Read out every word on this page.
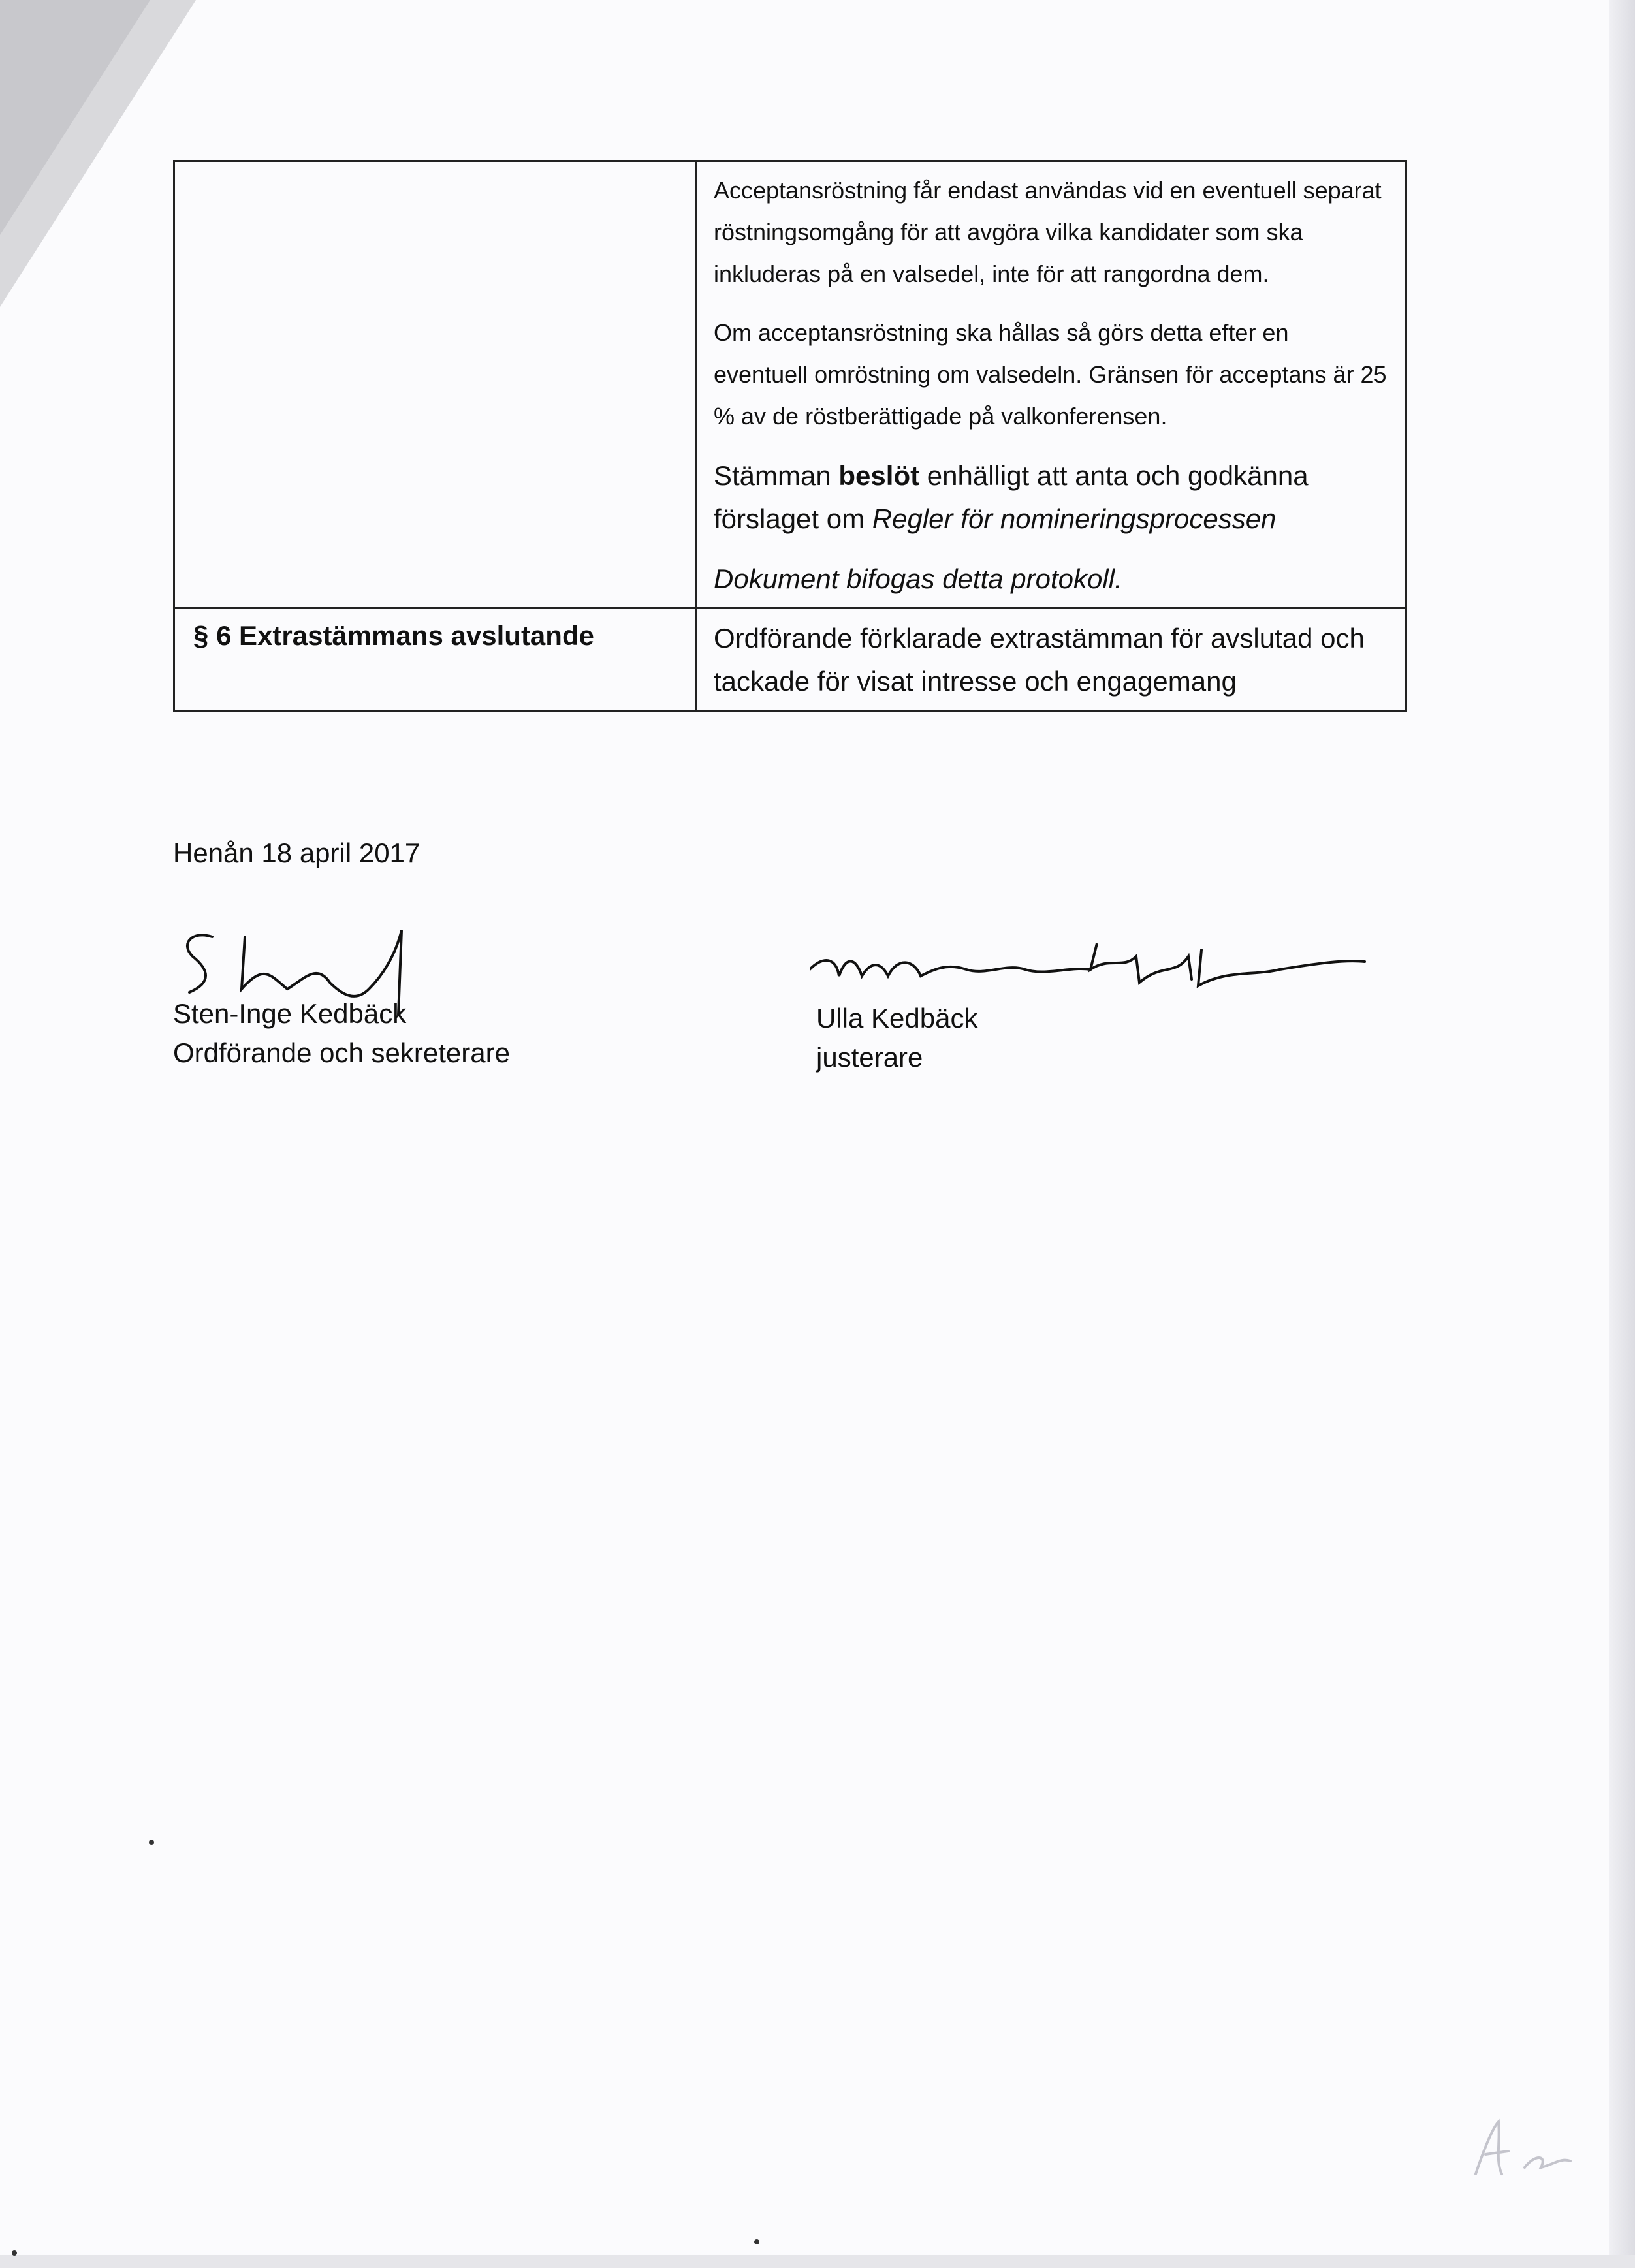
	Acceptansröstning får endast användas vid en eventuell separat röstningsomgång för att avgöra vilka kandidater som ska inkluderas på en valsedel, inte för att rangordna dem.

Om acceptansröstning ska hållas så görs detta efter en eventuell omröstning om valsedeln. Gränsen för acceptans är 25 % av de röstberättigade på valkonferensen.

Stämman beslöt enhälligt att anta och godkänna förslaget om Regler för nomineringsprocessen

Dokument bifogas detta protokoll.

§ 6 Extrastämmans avslutande	Ordförande förklarade extrastämman för avslutad och tackade för visat intresse och engagemang

Henån 18 april 2017
Sten-Inge Kedbäck
Ordförande och sekreterare
Ulla Kedbäck
justerare
